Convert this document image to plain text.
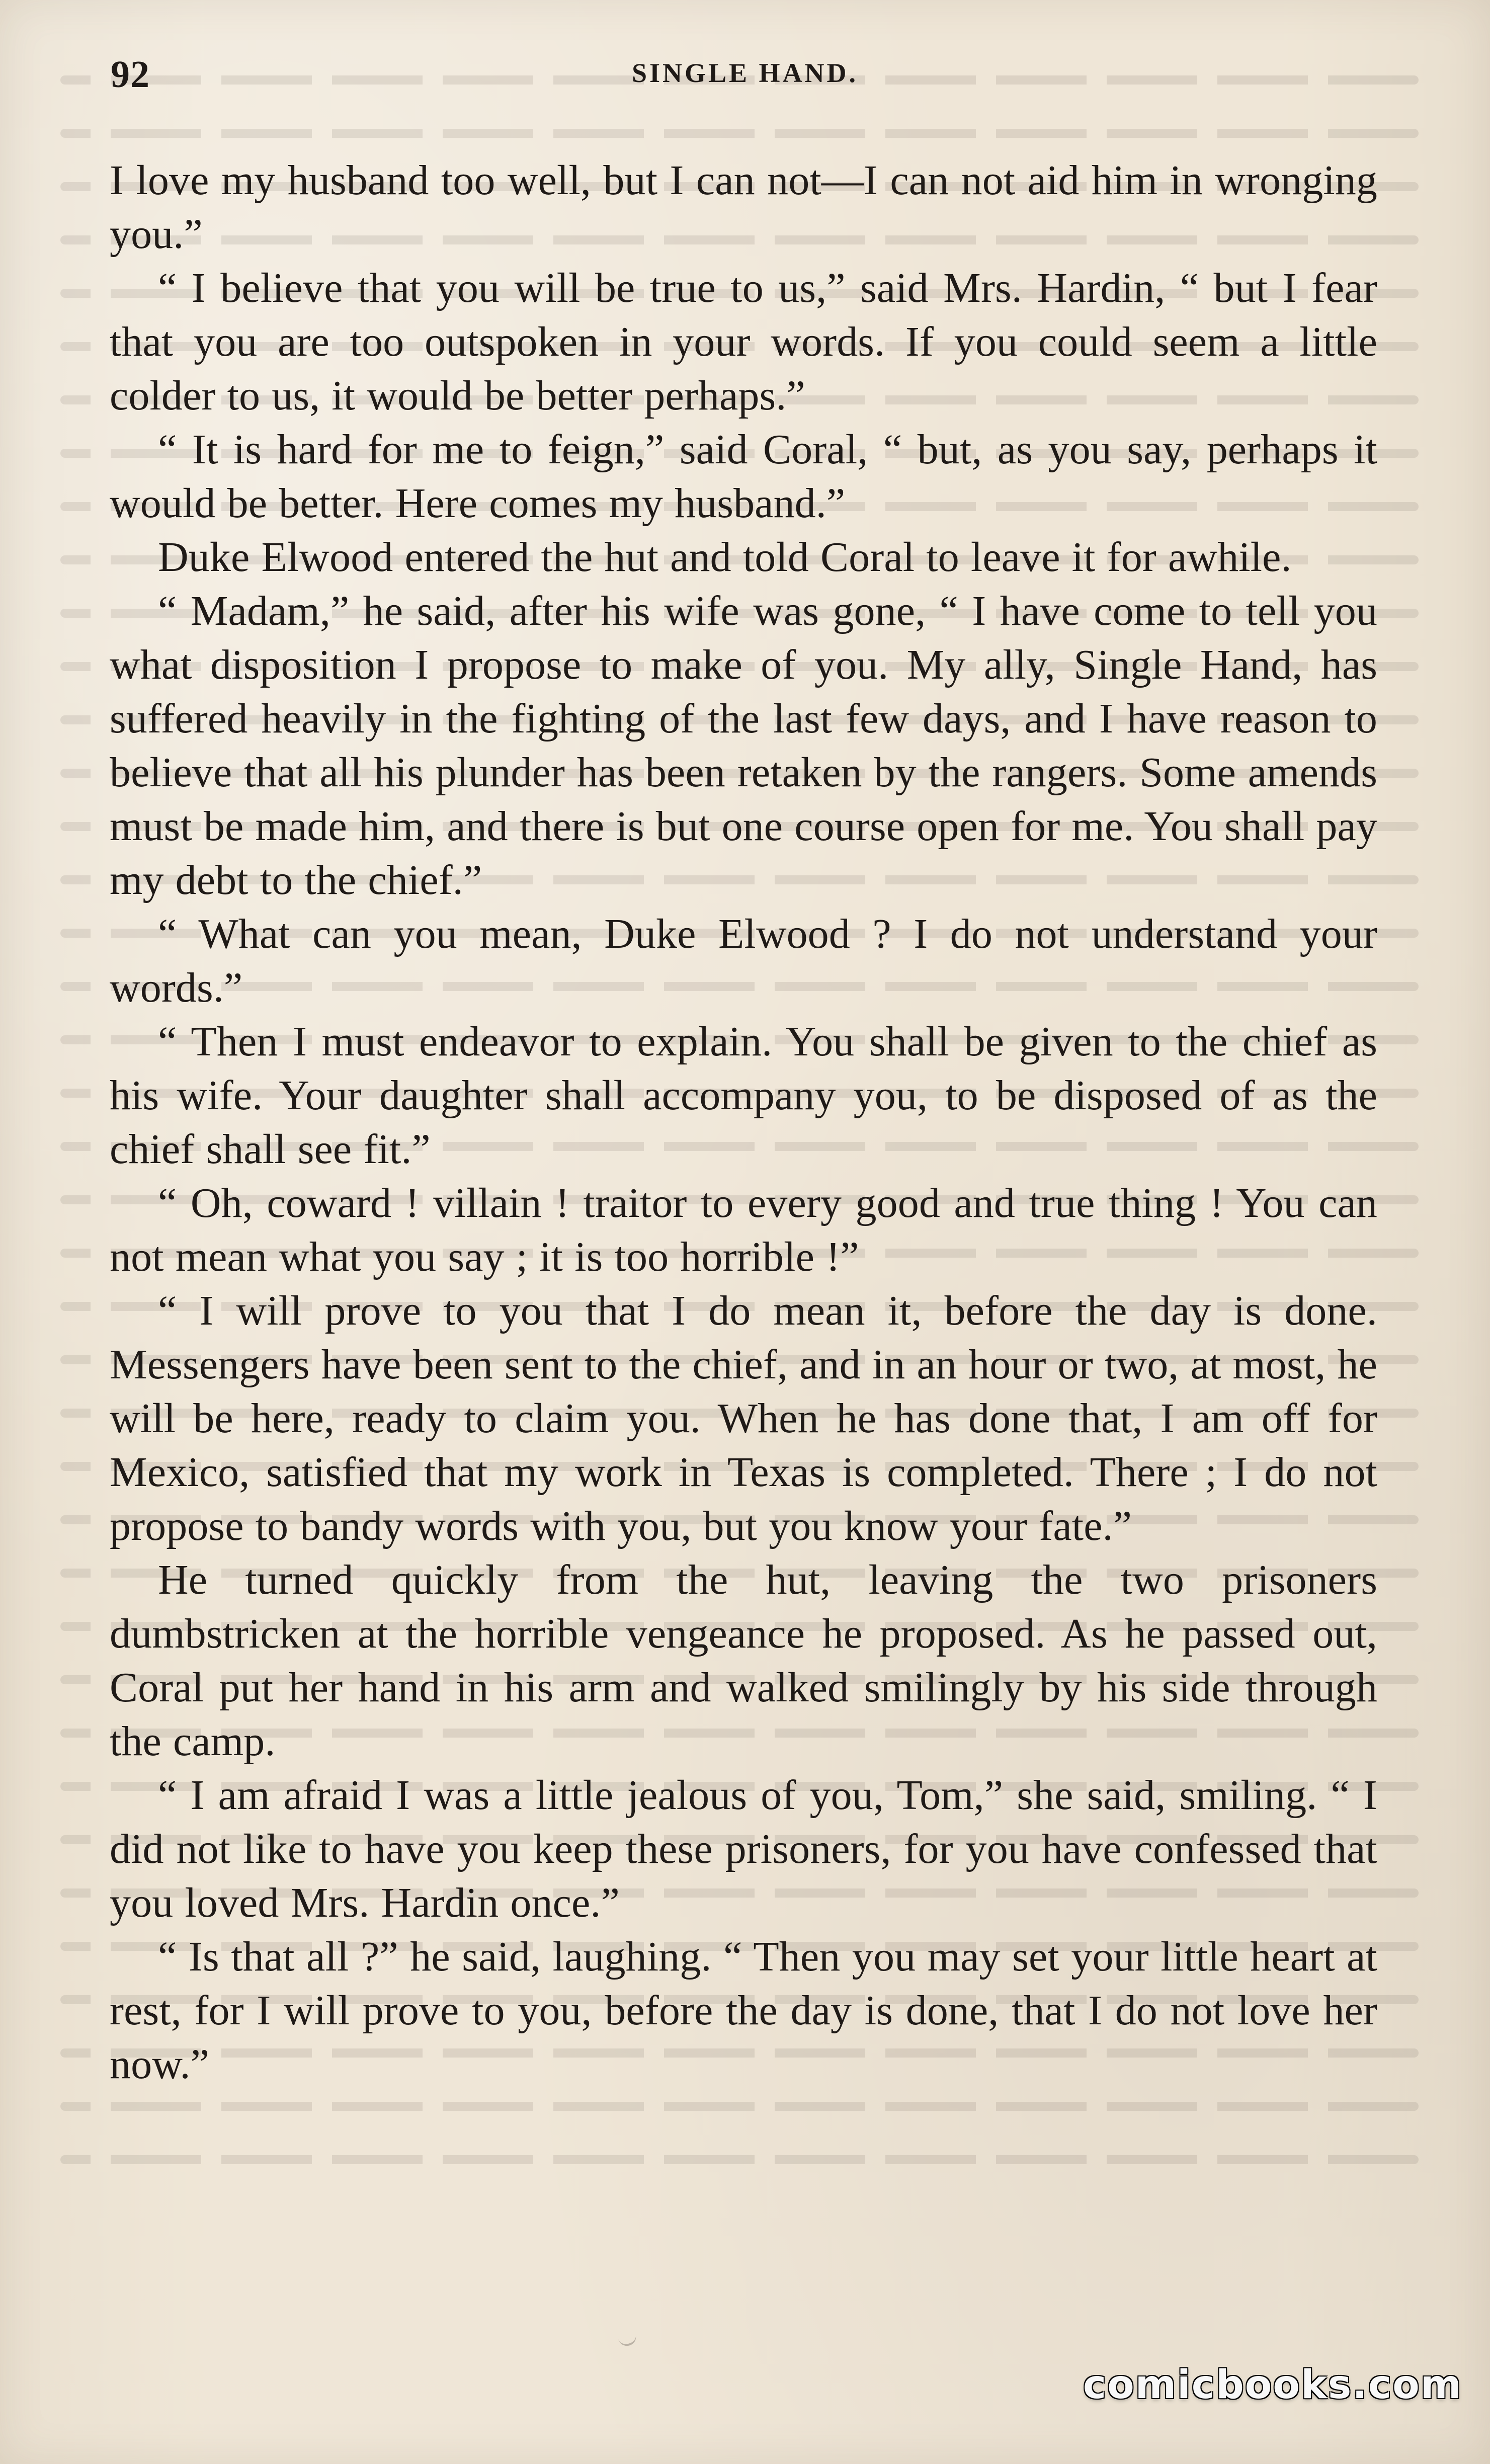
92	SINGLE HAND.

I love my husband too well, but I can not—I can not aid him in wronging you.”

“ I believe that you will be true to us,” said Mrs. Hardin, “ but I fear that you are too outspoken in your words. If you could seem a little colder to us, it would be better perhaps.”

“ It is hard for me to feign,” said Coral, “ but, as you say, perhaps it would be better. Here comes my husband.”

Duke Elwood entered the hut and told Coral to leave it for awhile.

“ Madam,” he said, after his wife was gone, “ I have come to tell you what disposition I propose to make of you. My ally, Single Hand, has suffered heavily in the fighting of the last few days, and I have reason to believe that all his plunder has been retaken by the rangers. Some amends must be made him, and there is but one course open for me. You shall pay my debt to the chief.”

“ What can you mean, Duke Elwood ? I do not understand your words.”

“ Then I must endeavor to explain. You shall be given to the chief as his wife. Your daughter shall accompany you, to be disposed of as the chief shall see fit.”

“ Oh, coward ! villain ! traitor to every good and true thing ! You can not mean what you say ; it is too horrible !”

“ I will prove to you that I do mean it, before the day is done. Messengers have been sent to the chief, and in an hour or two, at most, he will be here, ready to claim you. When he has done that, I am off for Mexico, satisfied that my work in Texas is completed. There ; I do not propose to bandy words with you, but you know your fate.”

He turned quickly from the hut, leaving the two prisoners dumbstricken at the horrible vengeance he proposed. As he passed out, Coral put her hand in his arm and walked smilingly by his side through the camp.

“ I am afraid I was a little jealous of you, Tom,” she said, smiling. “ I did not like to have you keep these prisoners, for you have confessed that you loved Mrs. Hardin once.”

“ Is that all ?” he said, laughing. “ Then you may set your little heart at rest, for I will prove to you, before the day is done, that I do not love her now.”

comicbooks.com
